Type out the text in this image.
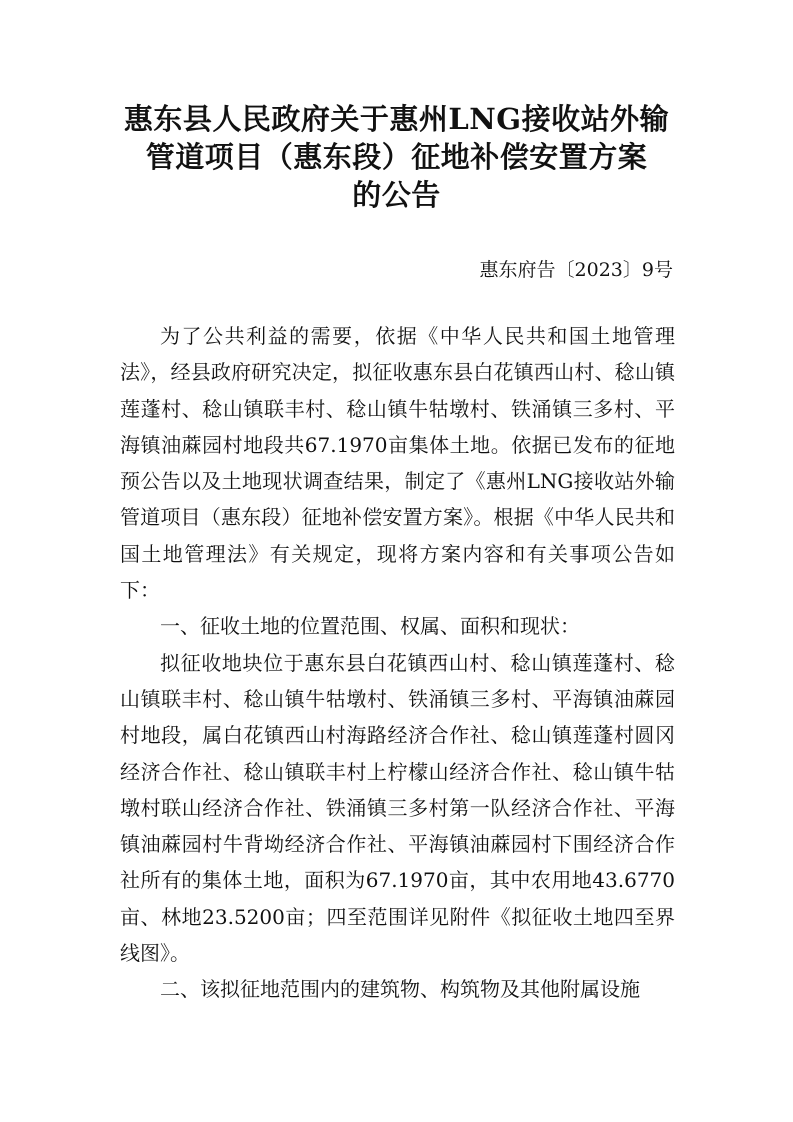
惠东县人民政府关于惠州LNG接收站外输
管道项目（惠东段）征地补偿安置方案
的公告
惠东府告〔2023〕9号

为了公共利益的需要，依据《中华人民共和国土地管理法》，经县政府研究决定，拟征收惠东县白花镇西山村、稔山镇莲蓬村、稔山镇联丰村、稔山镇牛牯墩村、铁涌镇三多村、平海镇油蔴园村地段共67.1970亩集体土地。依据已发布的征地预公告以及土地现状调查结果，制定了《惠州LNG接收站外输管道项目（惠东段）征地补偿安置方案》。根据《中华人民共和国土地管理法》有关规定，现将方案内容和有关事项公告如下：

一、征收土地的位置范围、权属、面积和现状：

拟征收地块位于惠东县白花镇西山村、稔山镇莲蓬村、稔山镇联丰村、稔山镇牛牯墩村、铁涌镇三多村、平海镇油蔴园村地段，属白花镇西山村海路经济合作社、稔山镇莲蓬村圆冈经济合作社、稔山镇联丰村上柠檬山经济合作社、稔山镇牛牯墩村联山经济合作社、铁涌镇三多村第一队经济合作社、平海镇油蔴园村牛背坳经济合作社、平海镇油蔴园村下围经济合作社所有的集体土地，面积为67.1970亩，其中农用地43.6770亩、林地23.5200亩；四至范围详见附件《拟征收土地四至界线图》。

二、该拟征地范围内的建筑物、构筑物及其他附属设施
